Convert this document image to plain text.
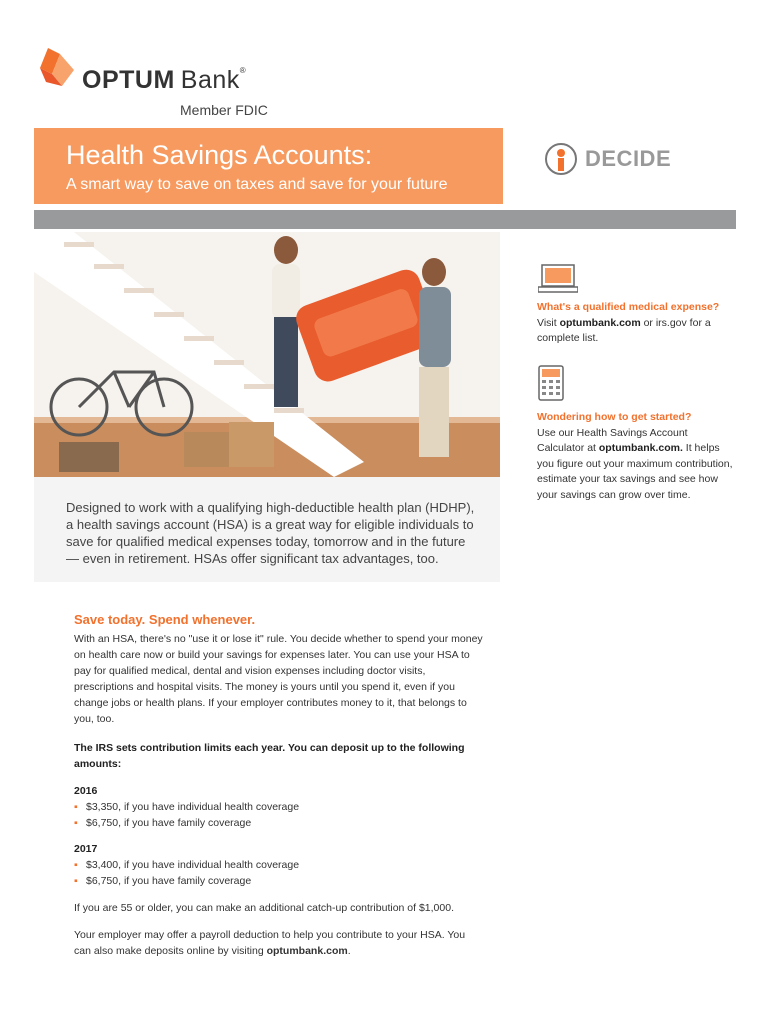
OPTUM Bank®
Member FDIC
Health Savings Accounts:
A smart way to save on taxes and save for your future
DECIDE

Designed to work with a qualifying high-deductible health plan (HDHP), a health savings account (HSA) is a great way for eligible individuals to save for qualified medical expenses today, tomorrow and in the future — even in retirement. HSAs offer significant tax advantages, too.

What's a qualified medical expense?
Visit optumbank.com or irs.gov for a complete list.
Wondering how to get started?
Use our Health Savings Account Calculator at optumbank.com. It helps you figure out your maximum contribution, estimate your tax savings and see how your savings can grow over time.
Save today. Spend whenever.

With an HSA, there's no "use it or lose it" rule. You decide whether to spend your money on health care now or build your savings for expenses later. You can use your HSA to pay for qualified medical, dental and vision expenses including doctor visits, prescriptions and hospital visits. The money is yours until you spend it, even if you change jobs or health plans. If your employer contributes money to it, that belongs to you, too.

The IRS sets contribution limits each year. You can deposit up to the following amounts:

2016

▪ $3,350, if you have individual health coverage
▪ $6,750, if you have family coverage

2017

▪ $3,400, if you have individual health coverage
▪ $6,750, if you have family coverage

If you are 55 or older, you can make an additional catch-up contribution of $1,000.

Your employer may offer a payroll deduction to help you contribute to your HSA. You can also make deposits online by visiting optumbank.com.
